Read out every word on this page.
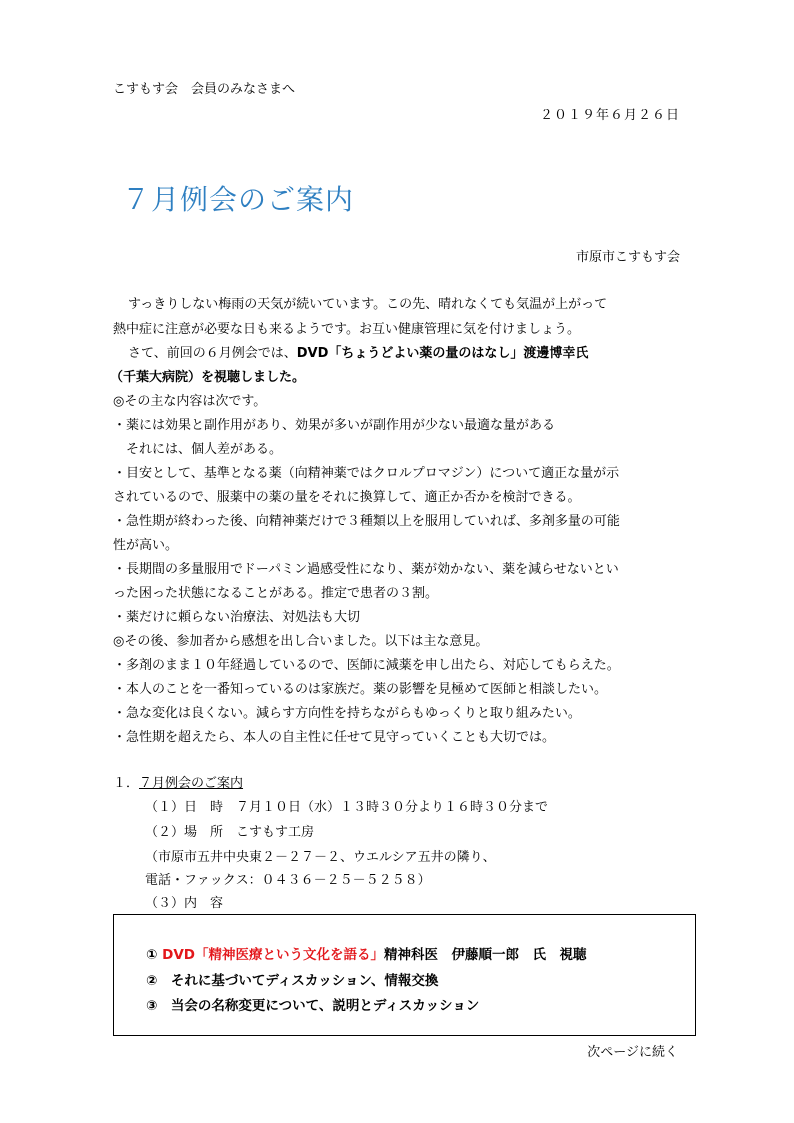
こすもす会　会員のみなさまへ
２０１９年６月２６日
７月例会のご案内
市原市こすもす会
すっきりしない梅雨の天気が続いています。この先、晴れなくても気温が上がって
熱中症に注意が必要な日も来るようです。お互い健康管理に気を付けましょう。
さて、前回の６月例会では、DVD「ちょうどよい薬の量のはなし」渡邊博幸氏
（千葉大病院）を視聴しました。
◎その主な内容は次です。
・薬には効果と副作用があり、効果が多いが副作用が少ない最適な量がある
　それには、個人差がある。
・目安として、基準となる薬（向精神薬ではクロルプロマジン）について適正な量が示
されているので、服薬中の薬の量をそれに換算して、適正か否かを検討できる。
・急性期が終わった後、向精神薬だけで３種類以上を服用していれば、多剤多量の可能
性が高い。
・長期間の多量服用でドーパミン過感受性になり、薬が効かない、薬を減らせないとい
った困った状態になることがある。推定で患者の３割。
・薬だけに頼らない治療法、対処法も大切
◎その後、参加者から感想を出し合いました。以下は主な意見。
・多剤のまま１０年経過しているので、医師に減薬を申し出たら、対応してもらえた。
・本人のことを一番知っているのは家族だ。薬の影響を見極めて医師と相談したい。
・急な変化は良くない。減らす方向性を持ちながらもゆっくりと取り組みたい。
・急性期を超えたら、本人の自主性に任せて見守っていくことも大切では。
１．７月例会のご案内
（１）日　時　７月１０日（水）１３時３０分より１６時３０分まで
（２）場　所　こすもす工房
（市原市五井中央東２－２７－２、ウエルシア五井の隣り、
電話・ファックス：０４３６－２５－５２５８）
（３）内　容
① DVD「精神医療という文化を語る」精神科医　伊藤順一郎　氏　視聴
②　それに基づいてディスカッション、情報交換
③　当会の名称変更について、説明とディスカッション
次ページに続く
